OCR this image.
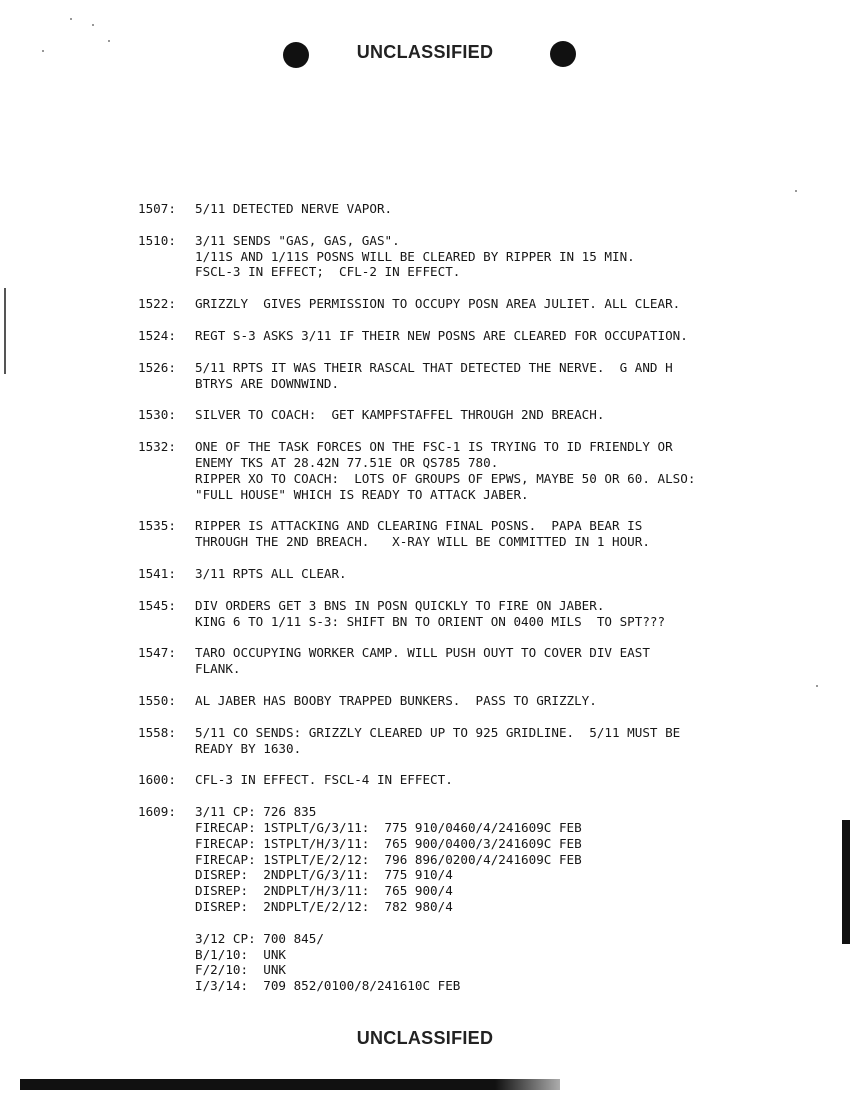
UNCLASSIFIED
1507:	5/11 DETECTED NERVE VAPOR.
1510:	3/11 SENDS "GAS, GAS, GAS".
1/11S AND 1/11S POSNS WILL BE CLEARED BY RIPPER IN 15 MIN.
FSCL-3 IN EFFECT;  CFL-2 IN EFFECT.
1522:	GRIZZLY  GIVES PERMISSION TO OCCUPY POSN AREA JULIET. ALL CLEAR.
1524:	REGT S-3 ASKS 3/11 IF THEIR NEW POSNS ARE CLEARED FOR OCCUPATION.
1526:	5/11 RPTS IT WAS THEIR RASCAL THAT DETECTED THE NERVE.  G AND H
BTRYS ARE DOWNWIND.
1530:	SILVER TO COACH:  GET KAMPFSTAFFEL THROUGH 2ND BREACH.
1532:	ONE OF THE TASK FORCES ON THE FSC-1 IS TRYING TO ID FRIENDLY OR
ENEMY TKS AT 28.42N 77.51E OR QS785 780.
RIPPER XO TO COACH:  LOTS OF GROUPS OF EPWS, MAYBE 50 OR 60. ALSO:
"FULL HOUSE" WHICH IS READY TO ATTACK JABER.
1535:	RIPPER IS ATTACKING AND CLEARING FINAL POSNS.  PAPA BEAR IS
THROUGH THE 2ND BREACH.   X-RAY WILL BE COMMITTED IN 1 HOUR.
1541:	3/11 RPTS ALL CLEAR.
1545:	DIV ORDERS GET 3 BNS IN POSN QUICKLY TO FIRE ON JABER.
KING 6 TO 1/11 S-3: SHIFT BN TO ORIENT ON 0400 MILS  TO SPT???
1547:	TARO OCCUPYING WORKER CAMP. WILL PUSH OUYT TO COVER DIV EAST
FLANK.
1550:	AL JABER HAS BOOBY TRAPPED BUNKERS.  PASS TO GRIZZLY.
1558:	5/11 CO SENDS: GRIZZLY CLEARED UP TO 925 GRIDLINE.  5/11 MUST BE
READY BY 1630.
1600:	CFL-3 IN EFFECT. FSCL-4 IN EFFECT.
1609:	3/11 CP: 726 835
FIRECAP: 1STPLT/G/3/11:  775 910/0460/4/241609C FEB
FIRECAP: 1STPLT/H/3/11:  765 900/0400/3/241609C FEB
FIRECAP: 1STPLT/E/2/12:  796 896/0200/4/241609C FEB
DISREP:  2NDPLT/G/3/11:  775 910/4
DISREP:  2NDPLT/H/3/11:  765 900/4
DISREP:  2NDPLT/E/2/12:  782 980/4
3/12 CP: 700 845/
B/1/10:  UNK
F/2/10:  UNK
I/3/14:  709 852/0100/8/241610C FEB
UNCLASSIFIED
